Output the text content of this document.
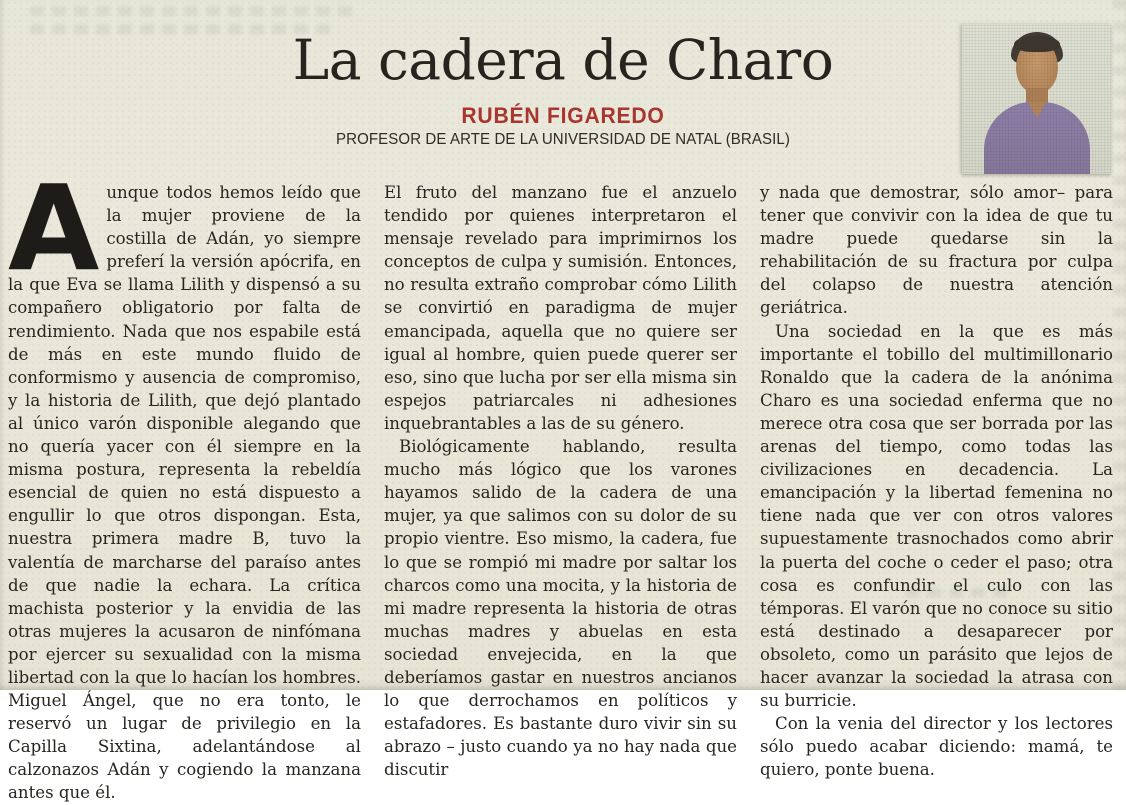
La cadera de Charo
RUBÉN FIGAREDO
PROFESOR DE ARTE DE LA UNIVERSIDAD DE NATAL (BRASIL)

Aunque todos hemos leído que la mujer proviene de la costilla de Adán, yo siempre preferí la versión apócrifa, en la que Eva se llama Lilith y dispensó a su compañero obligatorio por falta de rendimiento. Nada que nos espabile está de más en este mundo fluido de conformismo y ausencia de compromiso, y la historia de Lilith, que dejó plantado al único varón disponible alegando que no quería yacer con él siempre en la misma postura, representa la rebeldía esencial de quien no está dispuesto a engullir lo que otros dispongan. Esta, nuestra primera madre B, tuvo la valentía de marcharse del paraíso antes de que nadie la echara. La crítica machista posterior y la envidia de las otras mujeres la acusaron de ninfómana por ejercer su sexualidad con la misma libertad con la que lo hacían los hombres. Miguel Ángel, que no era tonto, le reservó un lugar de privilegio en la Capilla Sixtina, adelantándose al calzonazos Adán y cogiendo la manzana antes que él.

El fruto del manzano fue el anzuelo tendido por quienes interpretaron el mensaje revelado para imprimirnos los conceptos de culpa y sumisión. Entonces, no resulta extraño comprobar cómo Lilith se convirtió en paradigma de mujer emancipada, aquella que no quiere ser igual al hombre, quien puede querer ser eso, sino que lucha por ser ella misma sin espejos patriarcales ni adhesiones inquebrantables a las de su género.

Biológicamente hablando, resulta mucho más lógico que los varones hayamos salido de la cadera de una mujer, ya que salimos con su dolor de su propio vientre. Eso mismo, la cadera, fue lo que se rompió mi madre por saltar los charcos como una mocita, y la historia de mi madre representa la historia de otras muchas madres y abuelas en esta sociedad envejecida, en la que deberíamos gastar en nuestros ancianos lo que derrochamos en políticos y estafadores. Es bastante duro vivir sin su abrazo – justo cuando ya no hay nada que discutir

y nada que demostrar, sólo amor– para tener que convivir con la idea de que tu madre puede quedarse sin la rehabilitación de su fractura por culpa del colapso de nuestra atención geriátrica.

Una sociedad en la que es más importante el tobillo del multimillonario Ronaldo que la cadera de la anónima Charo es una sociedad enferma que no merece otra cosa que ser borrada por las arenas del tiempo, como todas las civilizaciones en decadencia. La emancipación y la libertad femenina no tiene nada que ver con otros valores supuestamente trasnochados como abrir la puerta del coche o ceder el paso; otra cosa es confundir el culo con las témporas. El varón que no conoce su sitio está destinado a desaparecer por obsoleto, como un parásito que lejos de hacer avanzar la sociedad la atrasa con su burricie.

Con la venia del director y los lectores sólo puedo acabar diciendo: mamá, te quiero, ponte buena.
